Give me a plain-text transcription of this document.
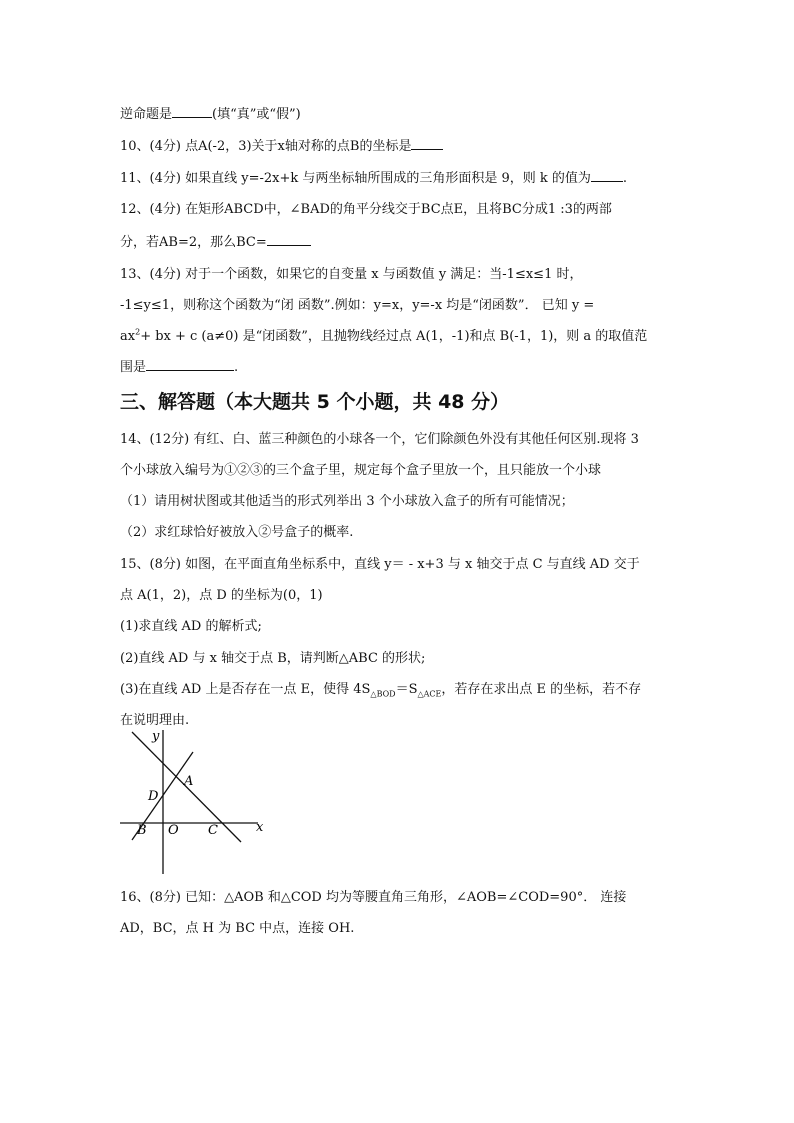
逆命题是	(填“真”或“假”)
10、(4分) 点A(-2，3)关于x轴对称的点B的坐标是
11、(4分) 如果直线 y=-2x+k 与两坐标轴所围成的三角形面积是 9，则 k 的值为 .
12、(4分) 在矩形ABCD中，∠BAD的角平分线交于BC点E，且将BC分成1 :3的两部
分，若AB=2，那么BC=
13、(4分) 对于一个函数，如果它的自变量 x 与函数值 y 满足：当-1≤x≤1 时，
-1≤y≤1，则称这个函数为“闭 函数”.例如：y=x，y=-x 均是“闭函数”． 已知 y =
$ax^2+$ bx + c (a≠0) 是“闭函数”，且抛物线经过点 A(1，-1)和点 B(-1，1)，则 a 的取值范
围是	.
三、解答题（本大题共 5 个小题，共 48 分）
14、(12分) 有红、白、蓝三种颜色的小球各一个，它们除颜色外没有其他任何区别.现将 3
个小球放入编号为①②③的三个盒子里，规定每个盒子里放一个，且只能放一个小球
（1）请用树状图或其他适当的形式列举出 3 个小球放入盒子的所有可能情况；
（2）求红球恰好被放入②号盒子的概率.
15、(8分) 如图，在平面直角坐标系中，直线 y＝ - x+3 与 x 轴交于点 C 与直线 AD 交于
点 A(1，2)，点 D 的坐标为(0，1)
(1)求直线 AD 的解析式;
(2)直线 AD 与 x 轴交于点 B，请判断△ABC 的形状;
(3)在直线 AD 上是否存在一点 E，使得 $4S_{\triangle BOD}=S_{\triangle ACE}$，若存在求出点 E 的坐标，若不存
在说明理由.
y
x
A
D
B O C
16、(8分) 已知：△AOB 和△COD 均为等腰直角三角形，∠AOB=∠COD=90°． 连接
AD，BC，点 H 为 BC 中点，连接 OH.
